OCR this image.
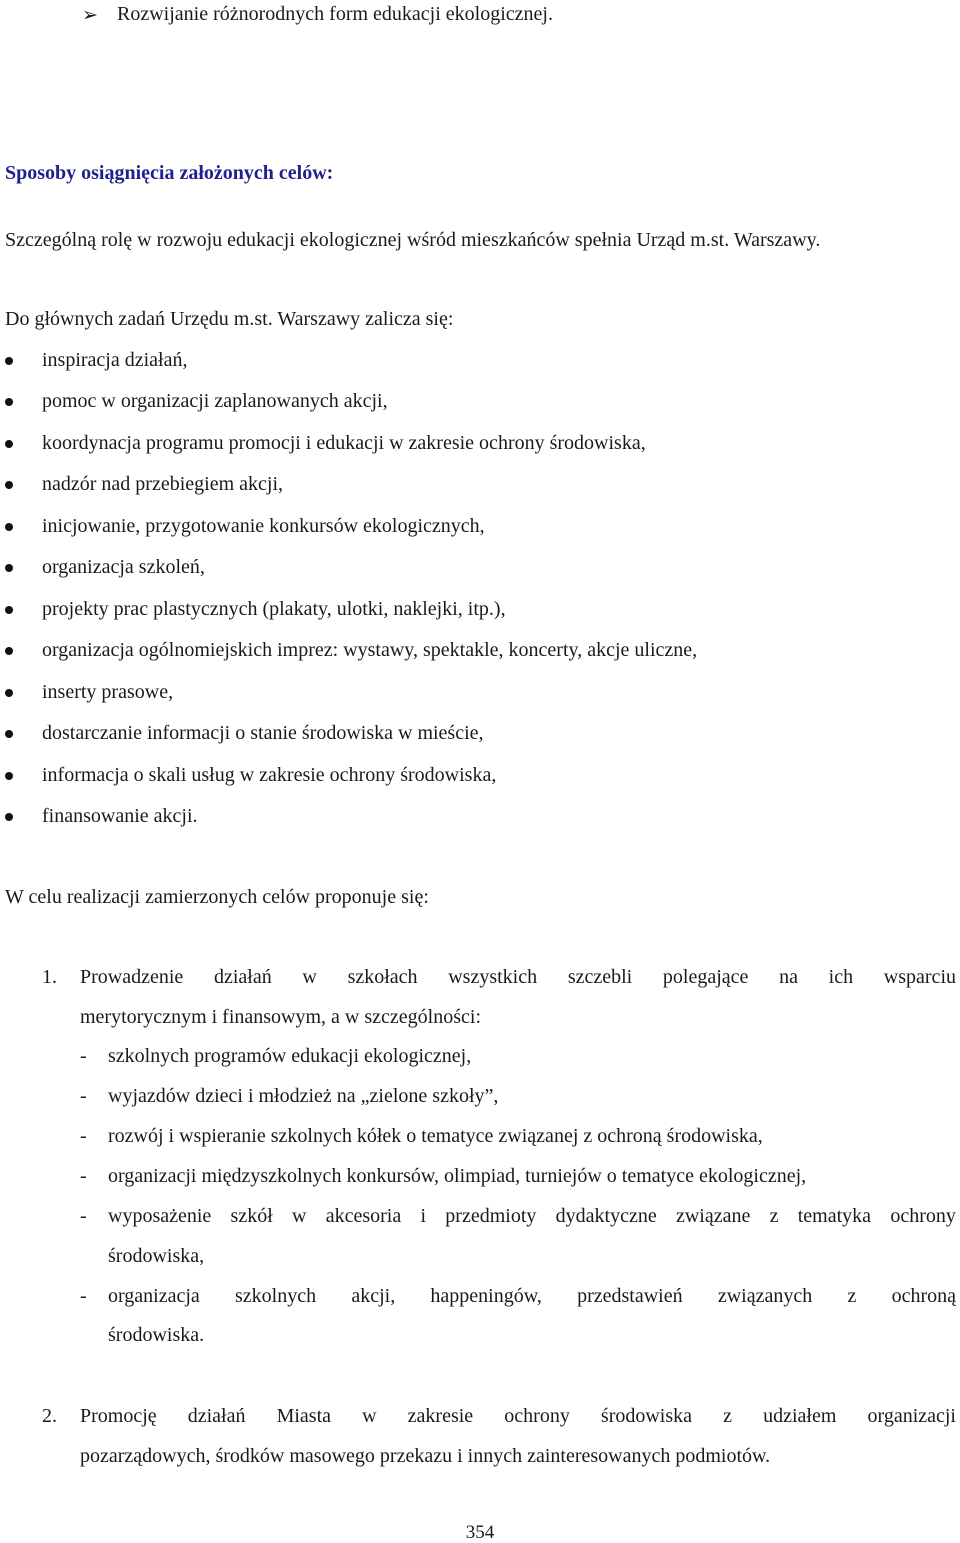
➢ Rozwijanie różnorodnych form edukacji ekologicznej.
Sposoby osiągnięcia założonych celów:
Szczególną rolę w rozwoju edukacji ekologicznej wśród mieszkańców spełnia Urząd m.st. Warszawy.
Do głównych zadań Urzędu m.st. Warszawy zalicza się:
inspiracja działań,
pomoc w organizacji zaplanowanych akcji,
koordynacja programu promocji i edukacji w zakresie ochrony środowiska,
nadzór nad przebiegiem akcji,
inicjowanie, przygotowanie konkursów ekologicznych,
organizacja szkoleń,
projekty prac plastycznych (plakaty, ulotki, naklejki, itp.),
organizacja ogólnomiejskich imprez: wystawy, spektakle, koncerty, akcje uliczne,
inserty prasowe,
dostarczanie informacji o stanie środowiska w mieście,
informacja o skali usług w zakresie ochrony środowiska,
finansowanie akcji.
W celu realizacji zamierzonych celów proponuje się:
1. Prowadzenie działań w szkołach wszystkich szczebli polegające na ich wsparciu
merytorycznym i finansowym, a w szczególności:
- szkolnych programów edukacji ekologicznej,
- wyjazdów dzieci i młodzież na „zielone szkoły”,
- rozwój i wspieranie szkolnych kółek o tematyce związanej z ochroną środowiska,
- organizacji międzyszkolnych konkursów, olimpiad, turniejów o tematyce ekologicznej,
- wyposażenie szkół w akcesoria i przedmioty dydaktyczne związane z tematyka ochrony
środowiska,
- organizacja szkolnych akcji, happeningów, przedstawień związanych z ochroną
środowiska.
2. Promocję działań Miasta w zakresie ochrony środowiska z udziałem organizacji
pozarządowych, środków masowego przekazu i innych zainteresowanych podmiotów.
354
